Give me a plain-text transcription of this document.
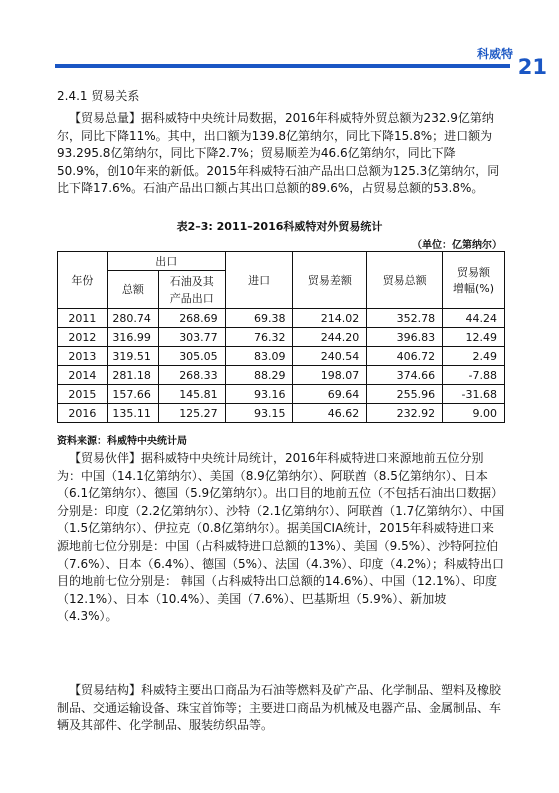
科威特
21
2.4.1 贸易关系

【贸易总量】据科威特中央统计局数据，2016年科威特外贸总额为232.9亿第纳尔，同比下降11%。其中，出口额为139.8亿第纳尔，同比下降15.8%；进口额为93.295.8亿第纳尔，同比下降2.7%；贸易顺差为46.6亿第纳尔，同比下降50.9%，创10年来的新低。2015年科威特石油产品出口总额为125.3亿第纳尔，同比下降17.6%。石油产品出口额占其出口总额的89.6%，占贸易总额的53.8%。

表2–3: 2011–2016科威特对外贸易统计
（单位：亿第纳尔）
年份	出口		进口	贸易差额	贸易总额	贸易额
增幅(%)
	总额	石油及其
产品出口				
2011	280.74	268.69	69.38	214.02	352.78	44.24
2012	316.99	303.77	76.32	244.20	396.83	12.49
2013	319.51	305.05	83.09	240.54	406.72	2.49
2014	281.18	268.33	88.29	198.07	374.66	-7.88
2015	157.66	145.81	93.16	69.64	255.96	-31.68
2016	135.11	125.27	93.15	46.62	232.92	9.00
资料来源：科威特中央统计局

【贸易伙伴】据科威特中央统计局统计，2016年科威特进口来源地前五位分别为：中国（14.1亿第纳尔）、美国（8.9亿第纳尔）、阿联酋（8.5亿第纳尔）、日本（6.1亿第纳尔）、德国（5.9亿第纳尔）。出口目的地前五位（不包括石油出口数据）分别是：印度（2.2亿第纳尔）、沙特（2.1亿第纳尔）、阿联酋（1.7亿第纳尔）、中国（1.5亿第纳尔）、伊拉克（0.8亿第纳尔）。据美国CIA统计，2015年科威特进口来源地前七位分别是：中国（占科威特进口总额的13%）、美国（9.5%）、沙特阿拉伯（7.6%）、日本（6.4%）、德国（5%）、法国（4.3%）、印度（4.2%）；科威特出口目的地前七位分别是： 韩国（占科威特出口总额的14.6%）、中国（12.1%）、印度（12.1%）、日本（10.4%）、美国（7.6%）、巴基斯坦（5.9%）、新加坡（4.3%）。

【贸易结构】科威特主要出口商品为石油等燃料及矿产品、化学制品、塑料及橡胶制品、交通运输设备、珠宝首饰等；主要进口商品为机械及电器产品、金属制品、车辆及其部件、化学制品、服装纺织品等。
